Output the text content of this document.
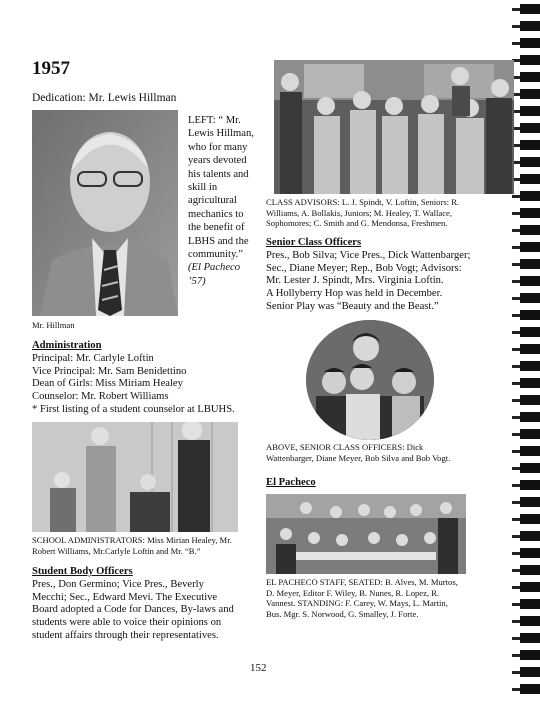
1957
Dedication: Mr. Lewis Hillman
Mr. Hillman
LEFT: “ Mr.
Lewis Hillman,
who for many
years devoted
his talents and
skill in
agricultural
mechanics to
the benefit of
LBHS and the
community.”
(El Pacheco
’57)
CLASS ADVISORS: L. J. Spindt, V. Loftin, Seniors: R.
Williams, A. Bollakis, Juniors; M. Healey, T. Wallace,
Sophomores; C. Smith and G. Mendonsa, Freshmen.
Senior Class Officers
Pres., Bob Silva; Vice Pres., Dick Wattenbarger;
Sec., Diane Meyer; Rep., Bob Vogt; Advisors:
Mr. Lester J. Spindt, Mrs. Virginia Loftin.
A Hollyberry Hop was held in December.
Senior Play was “Beauty and the Beast.”
Administration
Principal: Mr. Carlyle Loftin
Vice Principal: Mr. Sam Benidettino
Dean of Girls: Miss Miriam Healey
Counselor: Mr. Robert Williams
* First listing of a student counselor at LBUHS.
ABOVE, SENIOR CLASS OFFICERS: Dick
Wattenbarger, Diane Meyer, Bob Silva and Bob Vogt.
El Pacheco
SCHOOL ADMINISTRATORS: Miss Mirian Healey, Mr.
Robert Williams, Mr.Carlyle Loftin and Mr. “B.”
Student Body Officers
Pres., Don Germino; Vice Pres., Beverly
Mecchi; Sec., Edward Mevi. The Executive
Board adopted a Code for Dances, By-laws and
students were able to voice their opinions on
student affairs through their representatives.
EL PACHECO STAFF, SEATED: B. Alves, M. Murtos,
D. Meyer, Editor F. Wiley, B. Nunes, R. Lopez, R.
Vannest. STANDING: F. Carey, W. Mays, L. Martin,
Bus. Mgr. S. Norwood, G. Smalley, J. Forte.
152
